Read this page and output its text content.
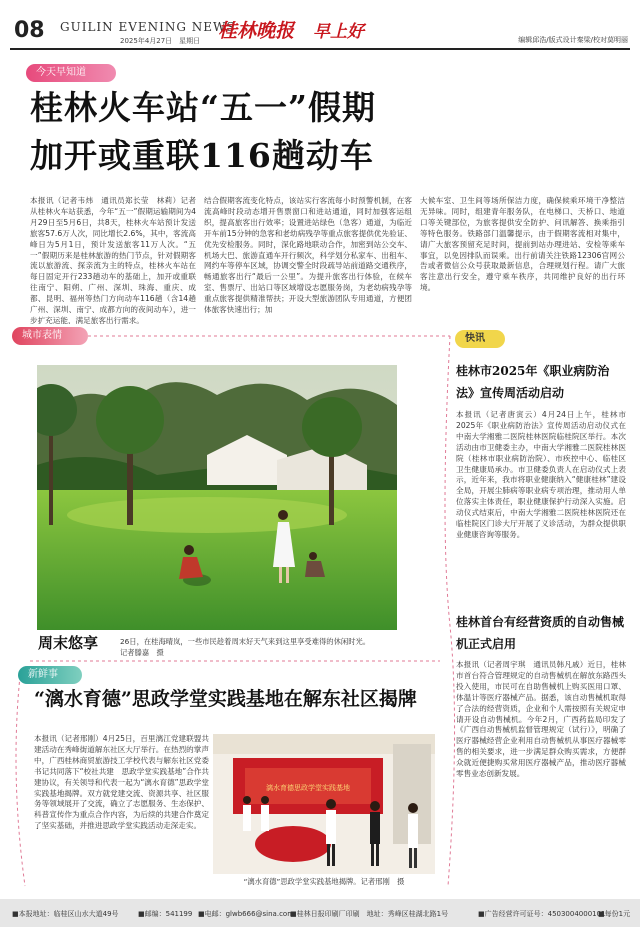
08 GUILIN EVENING NEWS
2025年4月27日　星期日 桂林晚报 早上好	编辑邱浩/版式设计秦梁/校对莫明丽
今天早知道
桂林火车站“五一”假期
加开或重联116趟动车
本报讯（记者韦炜　通讯员郑长莹　林莉）记者从桂林火车站获悉，今年“五一”假期运输期间为4月29日至5月6日，共8天，桂林火车站预计发送旅客57.6万人次，同比增长2.6%，其中，客流高峰日为5月1日，预计发送旅客11万人次。“五一”假期历来是桂林旅游的热门节点，针对假期客流以旅游流、探亲流为主的特点，桂林火车站在每日固定开行233趟动车的基础上，加开或重联往南宁、阳朔、广州、深圳、珠海、重庆、成都、昆明、福州等热门方向动车116趟（含14趟广州、深圳、南宁、成都方向的夜间动车），进一步扩充运能，满足旅客出行需求。
结合假期客流变化特点，该站实行客流每小时预警机制，在客流高峰时段动态增开售票窗口和进站通道，同时加强客运组织，提高旅客出行效率；设置进站绿色（急客）通道，为临近开车前15分钟的急客和老幼病残孕等重点旅客提供优先验证、优先安检服务。同时，深化路地联动合作，加密到站公交车、机场大巴、旅游直通车开行频次，科学划分私家车、出租车、网约车等停车区域，协调交警全时段疏导站前道路交通秩序，畅通旅客出行“最后一公里”。为提升旅客出行体验，在候车室、售票厅、出站口等区域增设志愿服务岗，为老幼病残孕等重点旅客提供精准帮扶；开设大型旅游团队专用通道，方便团体旅客快速出行；加
大候车室、卫生间等场所保洁力度，确保候乘环境干净整洁无异味。同时，组建青年服务队，在电梯口、天桥口、地道口等关键部位，为旅客提供安全防护、问讯解答、换乘指引等特色服务。铁路部门温馨提示，由于假期客流相对集中，请广大旅客预留充足时间，提前到站办理进站、安检等乘车事宜，以免因排队而误乘。出行前请关注铁路12306官网公告或者微信公众号获取最新信息，合理规划行程。请广大旅客注意出行安全，遵守乘车秩序，共同维护良好的出行环境。
城市表情
周末悠享	26日，在桂海晴岚，一些市民趁着周末好天气来到这里享受难得的休闲时光。　　　　　　　　　　　　　记者滕嘉　摄
快讯
桂林市2025年《职业病防治法》宣传周活动启动
本报讯（记者唐寅云）4月24日上午，桂林市2025年《职业病防治法》宣传周活动启动仪式在中南大学湘雅二医院桂林医院临桂院区举行。本次活动由市卫健委主办，中南大学湘雅二医院桂林医院（桂林市职业病防治院）、市疾控中心、临桂区卫生健康局承办。市卫健委负责人在启动仪式上表示，近年来，我市将职业健康纳入“健康桂林”建设全局，开展尘肺病等职业病专项治理，推动用人单位落实主体责任，职业健康保护行动深入实施。启动仪式结束后，中南大学湘雅二医院桂林医院还在临桂院区门诊大厅开展了义诊活动，为群众提供职业健康咨询等服务。
桂林首台有经营资质的自动售械机正式启用
本报讯（记者周宇琪　通讯员韩凡戚）近日，桂林市首台符合管理规定的自动售械机在解放东路西头投入使用，市民可在自助售械机上购买医用口罩、体温计等医疗器械产品。据悉，该自动售械机取得了合法的经营资质，企业和个人需按照有关规定申请开设自动售械机。今年2月，广西药监局印发了《广西自动售械机监督管理规定（试行）》，明确了医疗器械经营企业利用自动售械机从事医疗器械零售的相关要求，进一步满足群众购买需求，方便群众就近便捷购买常用医疗器械产品，推动医疗器械零售业态创新发展。
新鲜事
“漓水育德”思政学堂实践基地在解东社区揭牌
本报讯（记者邢刚）4月25日，百里漓江党建联盟共建活动在秀峰街道解东社区大厅举行。在热烈的掌声中，广西桂林商贸旅游技工学校代表与解东社区党委书记共同落下“校社共建　思政学堂实践基地”合作共建协议，有关领导和代表一起为“漓水育德”思政学堂实践基地揭牌。双方就党建交流、资源共享、社区服务等领域展开了交流，确立了志愿服务、生态保护、科普宣传作为重点合作内容，为后续的共建合作奠定了坚实基础，并推进思政学堂实践活动走深走实。
漓水育德思政学堂实践基地
“漓水育德”思政学堂实践基地揭牌。记者邢刚　摄
■本报地址：临桂区山水大道49号	■邮编：541199 ■电邮：glwb666@sina.com
■桂林日报印刷厂印刷　地址：秀峰区桂湖北路1号	■广告经营许可证号：4503004000101
■每份1元
